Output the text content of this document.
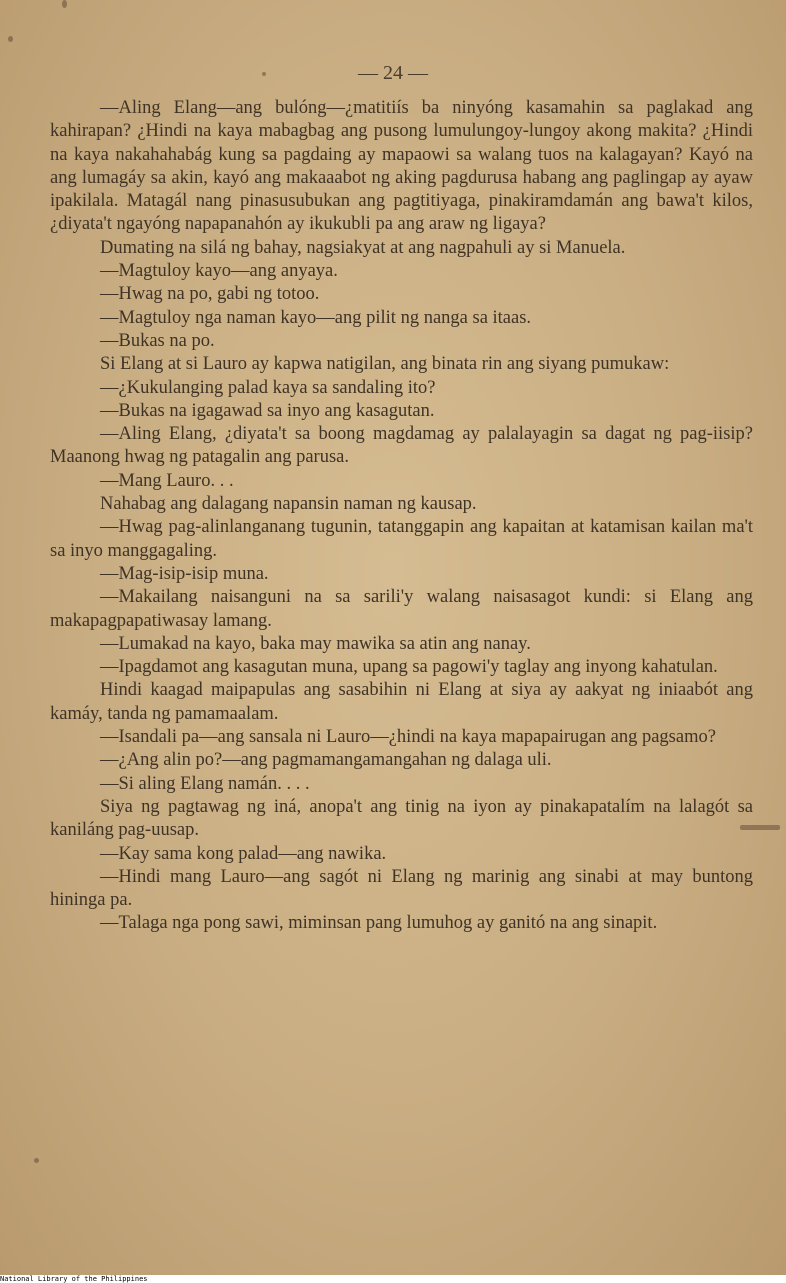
— 24 —
—Aling Elang—ang bulóng—¿matitiís ba ninyóng kasamahin sa paglakad ang kahirapan? ¿Hindi na kaya mabagbag ang pusong lumulungoy-lungoy akong makita? ¿Hindi na kaya nakahahabág kung sa pagdaing ay mapaowi sa walang tuos na kalagayan? Kayó na ang lumagáy sa akin, kayó ang makaaabot ng aking pagdurusa habang ang paglingap ay ayaw ipakilala. Matagál nang pinasusubukan ang pagtitiyaga, pinakiramdamán ang bawa't kilos, ¿diyata't ngayóng napapanahón ay ikukubli pa ang araw ng ligaya?
Dumating na silá ng bahay, nagsiakyat at ang nagpahuli ay si Manuela.
—Magtuloy kayo—ang anyaya.
—Hwag na po, gabi ng totoo.
—Magtuloy nga naman kayo—ang pilit ng nanga sa itaas.
—Bukas na po.
Si Elang at si Lauro ay kapwa natigilan, ang binata rin ang siyang pumukaw:
—¿Kukulanging palad kaya sa sandaling ito?
—Bukas na igagawad sa inyo ang kasagutan.
—Aling Elang, ¿diyata't sa boong magdamag ay palalayagin sa dagat ng pag-iisip? Maanong hwag ng patagalin ang parusa.
—Mang Lauro. . .
Nahabag ang dalagang napansin naman ng kausap.
—Hwag pag-alinlanganang tugunin, tatanggapin ang kapaitan at katamisan kailan ma't sa inyo manggagaling.
—Mag-isip-isip muna.
—Makailang naisanguni na sa sarili'y walang naisasagot kundi: si Elang ang makapagpapatiwasay lamang.
—Lumakad na kayo, baka may mawika sa atin ang nanay.
—Ipagdamot ang kasagutan muna, upang sa pagowi'y taglay ang inyong kahatulan.
Hindi kaagad maipapulas ang sasabihin ni Elang at siya ay aakyat ng iniaabót ang kamáy, tanda ng pamamaalam.
—Isandali pa—ang sansala ni Lauro—¿hindi na kaya mapapairugan ang pagsamo?
—¿Ang alin po?—ang pagmamangamangahan ng dalaga uli.
—Si aling Elang namán. . . .
Siya ng pagtawag ng iná, anopa't ang tinig na iyon ay pinakapatalím na lalagót sa kaniláng pag-uusap.
—Kay sama kong palad—ang nawika.
—Hindi mang Lauro—ang sagót ni Elang ng marinig ang sinabi at may buntong hininga pa.
—Talaga nga pong sawi, miminsan pang lumuhog ay ganitó na ang sinapit.
National Library of the Philippines
